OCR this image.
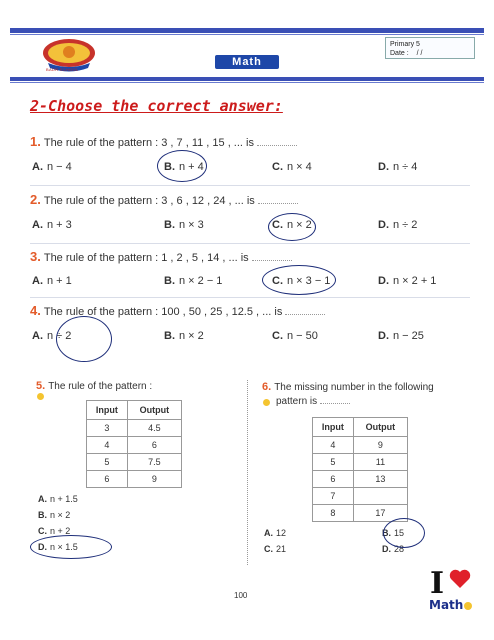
BADR SCHOOL
Math
Primary 5
Date : / /
2-Choose the correct answer:
1. The rule of the pattern : 3 , 7 , 11 , 15 , ... is
A. n − 4	B. n + 4	C. n × 4	D. n ÷ 4
2. The rule of the pattern : 3 , 6 , 12 , 24 , ... is
A. n + 3	B. n × 3	C. n × 2	D. n ÷ 2
3. The rule of the pattern : 1 , 2 , 5 , 14 , ... is
A. n + 1	B. n × 2 − 1	C. n × 3 − 1	D. n × 2 + 1
4. The rule of the pattern : 100 , 50 , 25 , 12.5 , ... is
A. n ÷ 2	B. n × 2	C. n − 50	D. n − 25
5. The rule of the pattern :
Input	Output
3	4.5
4	6
5	7.5
6	9
A. n + 1.5
B. n × 2
C. n + 2
D. n × 1.5
6. The missing number in the following
pattern is
Input	Output
4	9
5	11
6	13
7	
8	17
A. 12	B. 15
C. 21	D. 28
100	I
Math
